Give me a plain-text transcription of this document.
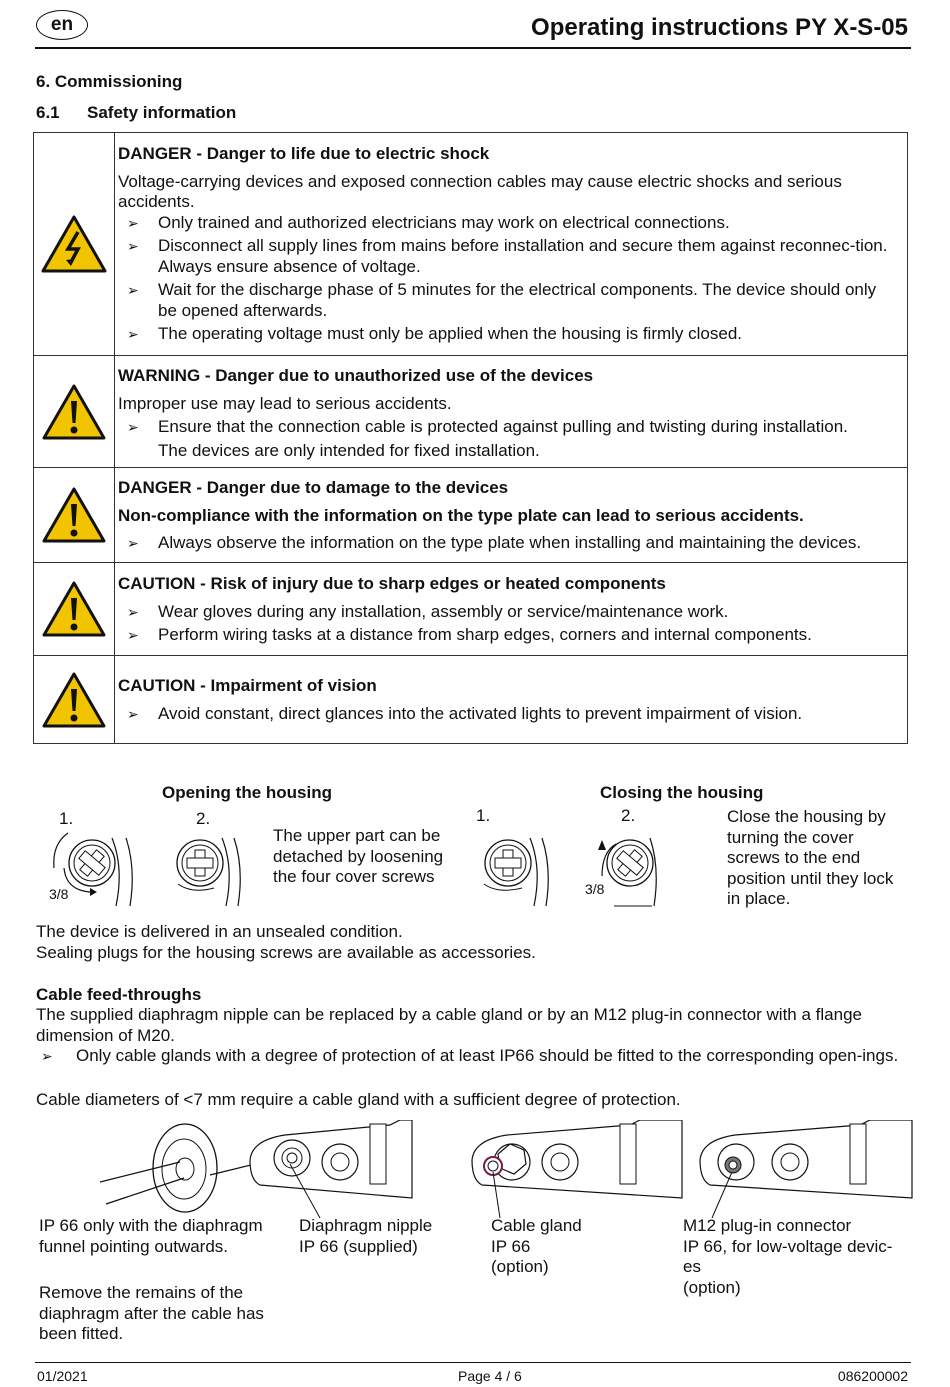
en	Operating instructions PY X-S-05
6. Commissioning
6.1 Safety information
DANGER - Danger to life due to electric shock
Voltage-carrying devices and exposed connection cables may cause electric shocks and serious accidents.
➢ Only trained and authorized electricians may work on electrical connections.
➢ Disconnect all supply lines from mains before installation and secure them against reconnec-tion. Always ensure absence of voltage.
➢ Wait for the discharge phase of 5 minutes for the electrical components. The device should only be opened afterwards.
➢ The operating voltage must only be applied when the housing is firmly closed.
WARNING - Danger due to unauthorized use of the devices
Improper use may lead to serious accidents.
➢ Ensure that the connection cable is protected against pulling and twisting during installation.
The devices are only intended for fixed installation.
DANGER - Danger due to damage to the devices
Non-compliance with the information on the type plate can lead to serious accidents.
➢ Always observe the information on the type plate when installing and maintaining the devices.
CAUTION - Risk of injury due to sharp edges or heated components
➢ Wear gloves during any installation, assembly or service/maintenance work.
➢ Perform wiring tasks at a distance from sharp edges, corners and internal components.
CAUTION - Impairment of vision
➢ Avoid constant, direct glances into the activated lights to prevent impairment of vision.
Opening the housing	Closing the housing
1.	2.	1.	2.
3/8
The upper part can be detached by loosening the four cover screws
3/8
Close the housing by turning the cover screws to the end position until they lock in place.
The device is delivered in an unsealed condition.
Sealing plugs for the housing screws are available as accessories.
Cable feed-throughs
The supplied diaphragm nipple can be replaced by a cable gland or by an M12 plug-in connector with a flange dimension of M20.
➢ Only cable glands with a degree of protection of at least IP66 should be fitted to the corresponding open-ings.
Cable diameters of <7 mm require a cable gland with a sufficient degree of protection.
IP 66 only with the diaphragm funnel pointing outwards.
Remove the remains of the diaphragm after the cable has been fitted.
Diaphragm nipple
IP 66 (supplied)
Cable gland
IP 66
(option)
M12 plug-in connector
IP 66, for low-voltage devic-es
(option)
01/2021	Page 4 / 6	086200002
